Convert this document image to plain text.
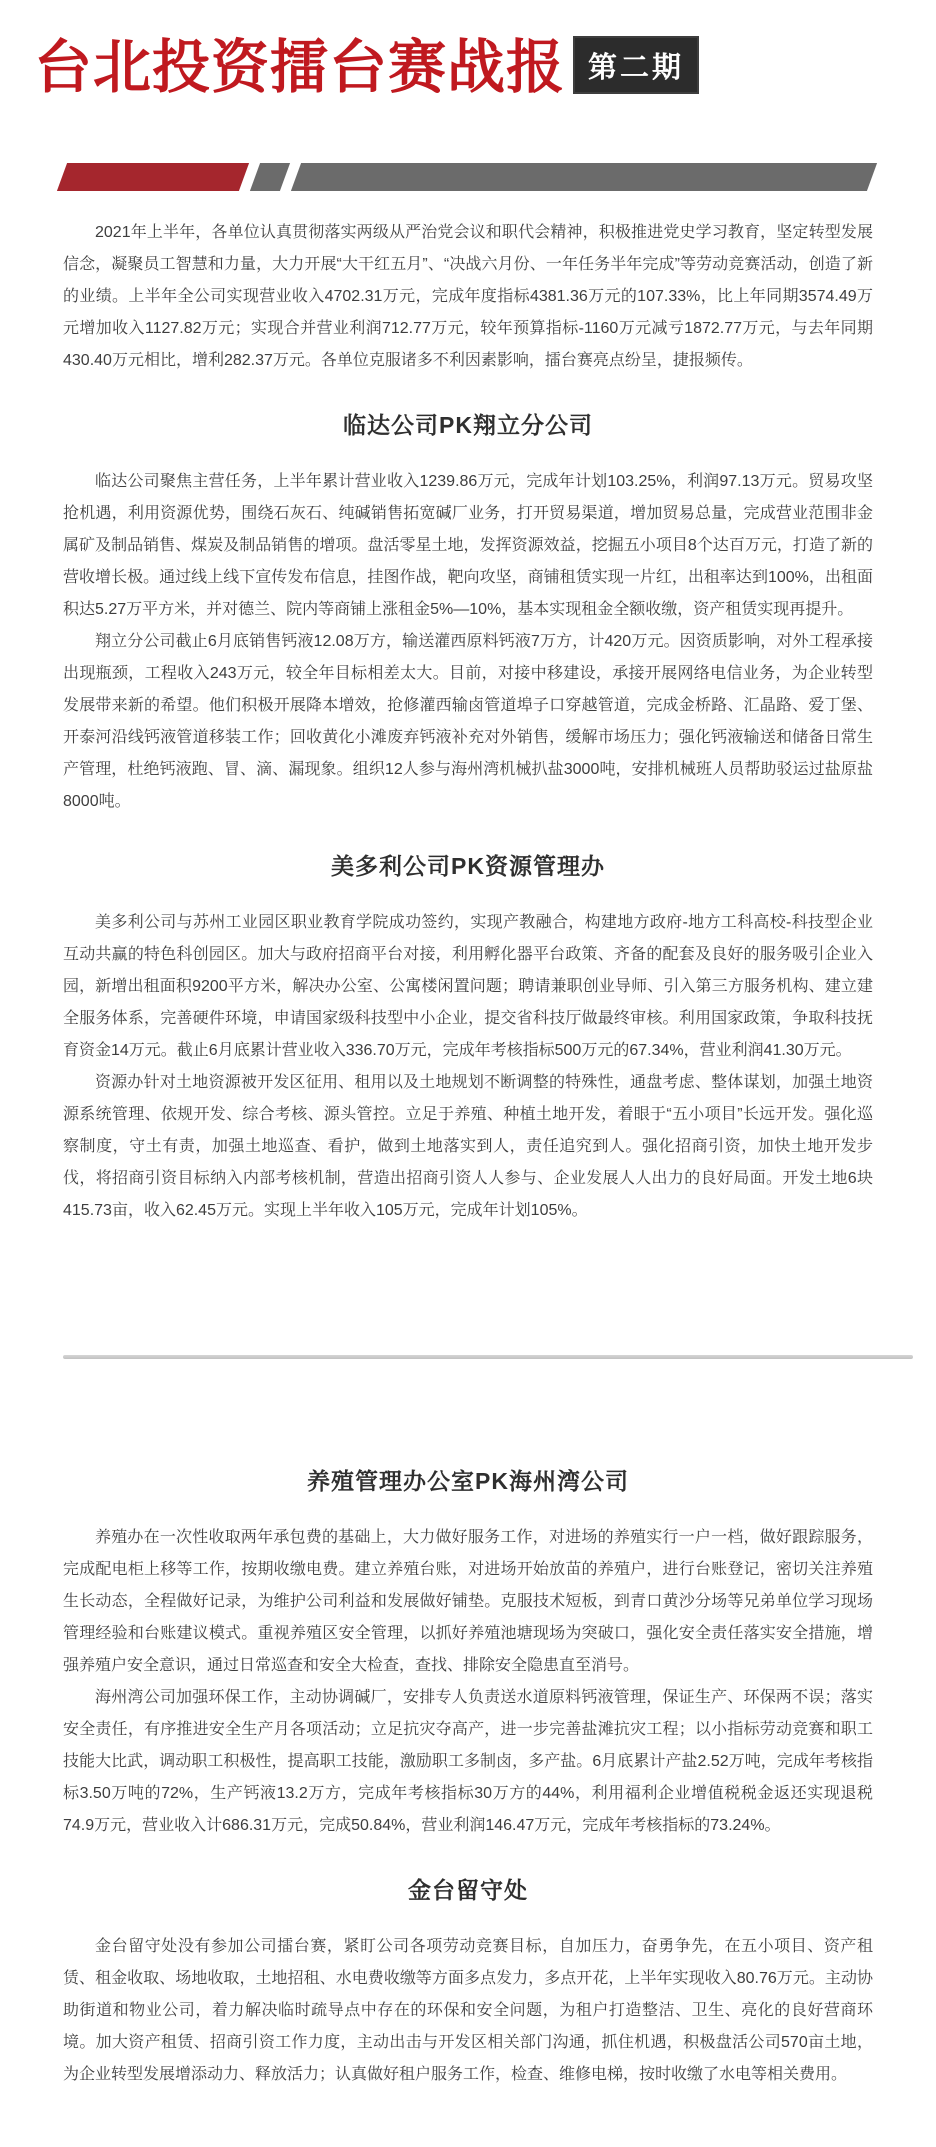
台北投资擂台赛战报 第二期

2021年上半年，各单位认真贯彻落实两级从严治党会议和职代会精神，积极推进党史学习教育，坚定转型发展信念，凝聚员工智慧和力量，大力开展“大干红五月”、“决战六月份、一年任务半年完成”等劳动竞赛活动，创造了新的业绩。上半年全公司实现营业收入4702.31万元，完成年度指标4381.36万元的107.33%，比上年同期3574.49万元增加收入1127.82万元；实现合并营业利润712.77万元，较年预算指标-1160万元减亏1872.77万元，与去年同期430.40万元相比，增利282.37万元。各单位克服诸多不利因素影响，擂台赛亮点纷呈，捷报频传。

临达公司PK翔立分公司

临达公司聚焦主营任务，上半年累计营业收入1239.86万元，完成年计划103.25%，利润97.13万元。贸易攻坚抢机遇，利用资源优势，围绕石灰石、纯碱销售拓宽碱厂业务，打开贸易渠道，增加贸易总量，完成营业范围非金属矿及制品销售、煤炭及制品销售的增项。盘活零星土地，发挥资源效益，挖掘五小项目8个达百万元，打造了新的营收增长极。通过线上线下宣传发布信息，挂图作战，靶向攻坚，商铺租赁实现一片红，出租率达到100%，出租面积达5.27万平方米，并对德兰、院内等商铺上涨租金5%—10%，基本实现租金全额收缴，资产租赁实现再提升。

翔立分公司截止6月底销售钙液12.08万方，输送灌西原料钙液7万方，计420万元。因资质影响，对外工程承接出现瓶颈，工程收入243万元，较全年目标相差太大。目前，对接中移建设，承接开展网络电信业务，为企业转型发展带来新的希望。他们积极开展降本增效，抢修灌西输卤管道埠子口穿越管道，完成金桥路、汇晶路、爱丁堡、开泰河沿线钙液管道移装工作；回收黄化小滩废弃钙液补充对外销售，缓解市场压力；强化钙液输送和储备日常生产管理，杜绝钙液跑、冒、滴、漏现象。组织12人参与海州湾机械扒盐3000吨，安排机械班人员帮助驳运过盐原盐8000吨。

美多利公司PK资源管理办

美多利公司与苏州工业园区职业教育学院成功签约，实现产教融合，构建地方政府-地方工科高校-科技型企业互动共赢的特色科创园区。加大与政府招商平台对接，利用孵化器平台政策、齐备的配套及良好的服务吸引企业入园，新增出租面积9200平方米，解决办公室、公寓楼闲置问题；聘请兼职创业导师、引入第三方服务机构、建立建全服务体系，完善硬件环境，申请国家级科技型中小企业，提交省科技厅做最终审核。利用国家政策，争取科技抚育资金14万元。截止6月底累计营业收入336.70万元，完成年考核指标500万元的67.34%，营业利润41.30万元。

资源办针对土地资源被开发区征用、租用以及土地规划不断调整的特殊性，通盘考虑、整体谋划，加强土地资源系统管理、依规开发、综合考核、源头管控。立足于养殖、种植土地开发，着眼于“五小项目”长远开发。强化巡察制度，守土有责，加强土地巡查、看护，做到土地落实到人，责任追究到人。强化招商引资，加快土地开发步伐，将招商引资目标纳入内部考核机制，营造出招商引资人人参与、企业发展人人出力的良好局面。开发土地6块415.73亩，收入62.45万元。实现上半年收入105万元，完成年计划105%。

养殖管理办公室PK海州湾公司

养殖办在一次性收取两年承包费的基础上，大力做好服务工作，对进场的养殖实行一户一档，做好跟踪服务，完成配电柜上移等工作，按期收缴电费。建立养殖台账，对进场开始放苗的养殖户，进行台账登记，密切关注养殖生长动态，全程做好记录，为维护公司利益和发展做好铺垫。克服技术短板，到青口黄沙分场等兄弟单位学习现场管理经验和台账建议模式。重视养殖区安全管理，以抓好养殖池塘现场为突破口，强化安全责任落实安全措施，增强养殖户安全意识，通过日常巡查和安全大检查，查找、排除安全隐患直至消号。

海州湾公司加强环保工作，主动协调碱厂，安排专人负责送水道原料钙液管理，保证生产、环保两不误；落实安全责任，有序推进安全生产月各项活动；立足抗灾夺高产，进一步完善盐滩抗灾工程；以小指标劳动竞赛和职工技能大比武，调动职工积极性，提高职工技能，激励职工多制卤，多产盐。6月底累计产盐2.52万吨，完成年考核指标3.50万吨的72%，生产钙液13.2万方，完成年考核指标30万方的44%，利用福利企业增值税税金返还实现退税74.9万元，营业收入计686.31万元，完成50.84%，营业利润146.47万元，完成年考核指标的73.24%。

金台留守处

金台留守处没有参加公司擂台赛，紧盯公司各项劳动竞赛目标，自加压力，奋勇争先，在五小项目、资产租赁、租金收取、场地收取，土地招租、水电费收缴等方面多点发力，多点开花，上半年实现收入80.76万元。主动协助街道和物业公司，着力解决临时疏导点中存在的环保和安全问题，为租户打造整洁、卫生、亮化的良好营商环境。加大资产租赁、招商引资工作力度，主动出击与开发区相关部门沟通，抓住机遇，积极盘活公司570亩土地，为企业转型发展增添动力、释放活力；认真做好租户服务工作，检查、维修电梯，按时收缴了水电等相关费用。
